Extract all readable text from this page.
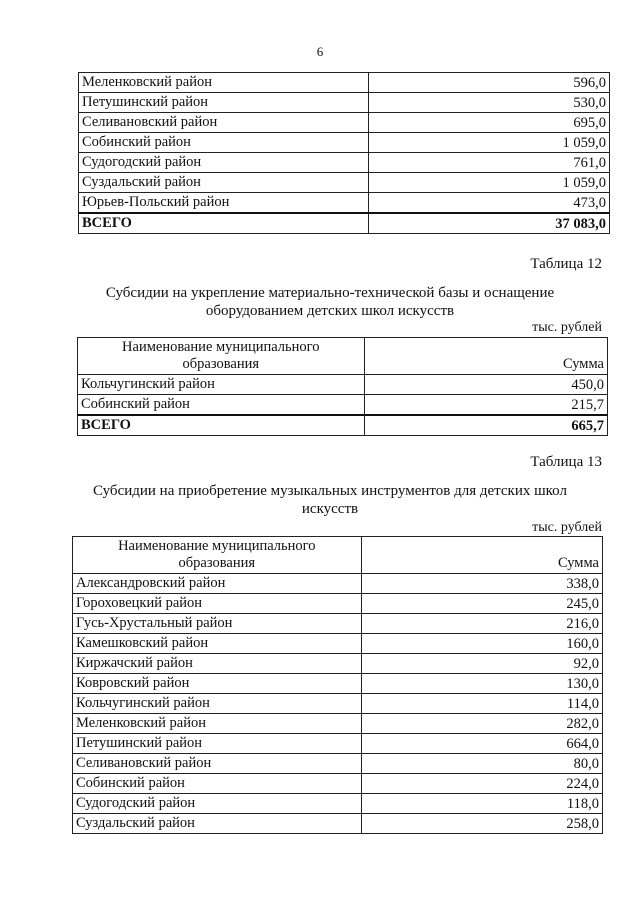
6
Меленковский район	596,0
Петушинский район	530,0
Селивановский район	695,0
Собинский район	1 059,0
Судогодский район	761,0
Суздальский район	1 059,0
Юрьев-Польский район	473,0
ВСЕГО	37 083,0
Таблица 12
Субсидии на укрепление материально-технической базы и оснащение
оборудованием детских школ искусств
тыс. рублей
Наименование муниципального
образования	Сумма
Кольчугинский район	450,0
Собинский район	215,7
ВСЕГО	665,7
Таблица 13
Субсидии на приобретение музыкальных инструментов для детских школ
искусств
тыс. рублей
Наименование муниципального
образования	Сумма
Александровский район	338,0
Гороховецкий район	245,0
Гусь-Хрустальный район	216,0
Камешковский район	160,0
Киржачский район	92,0
Ковровский район	130,0
Кольчугинский район	114,0
Меленковский район	282,0
Петушинский район	664,0
Селивановский район	80,0
Собинский район	224,0
Судогодский район	118,0
Суздальский район	258,0
